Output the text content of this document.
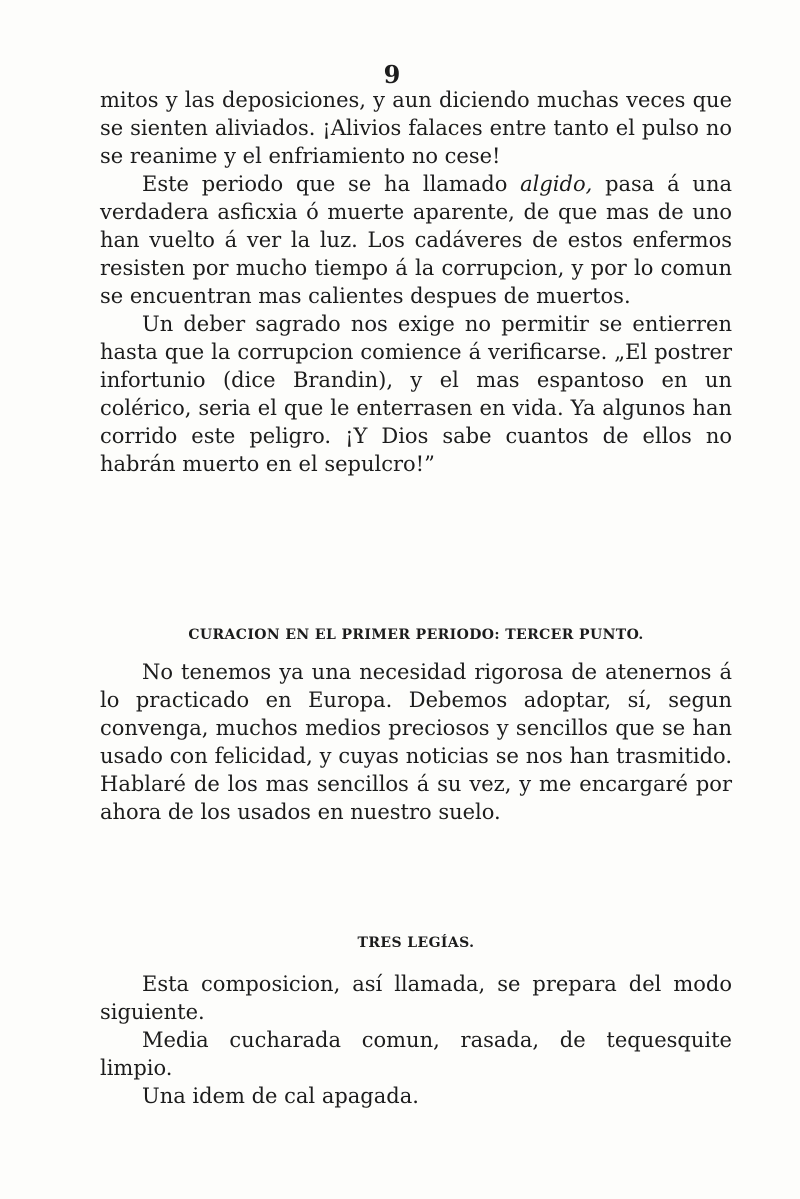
9

mitos y las deposiciones, y aun diciendo muchas veces que se sienten aliviados. ¡Alivios falaces entre tanto el pulso no se reanime y el enfriamiento no cese!

Este periodo que se ha llamado algido, pasa á una verdadera asficxia ó muerte aparente, de que mas de uno han vuelto á ver la luz. Los cadáveres de estos enfermos resisten por mucho tiempo á la corrupcion, y por lo comun se encuentran mas calientes despues de muertos.

Un deber sagrado nos exige no permitir se entierren hasta que la corrupcion comience á verificarse. „El postrer infortunio (dice Brandin), y el mas espantoso en un colérico, seria el que le enterrasen en vida. Ya algunos han corrido este peligro. ¡Y Dios sabe cuantos de ellos no habrán muerto en el sepulcro!”

CURACION EN EL PRIMER PERIODO: TERCER PUNTO.

No tenemos ya una necesidad rigorosa de atenernos á lo practicado en Europa. Debemos adoptar, sí, segun convenga, muchos medios preciosos y sencillos que se han usado con felicidad, y cuyas noticias se nos han trasmitido. Hablaré de los mas sencillos á su vez, y me encargaré por ahora de los usados en nuestro suelo.

TRES LEGÍAS.

Esta composicion, así llamada, se prepara del modo siguiente.

Media cucharada comun, rasada, de tequesquite limpio.

Una idem de cal apagada.
